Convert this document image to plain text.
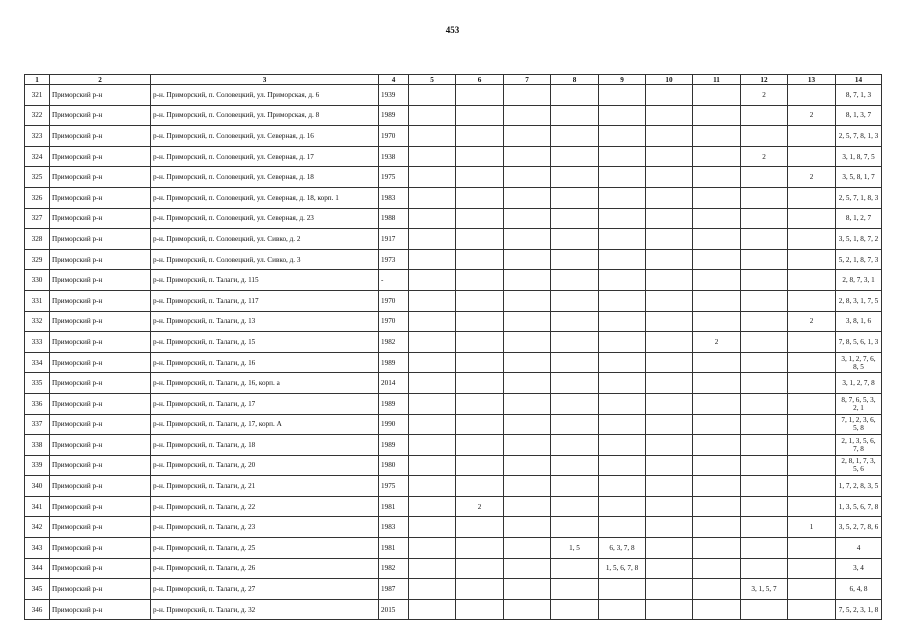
453
1	2	3	4	5	6	7	8	9	10	11	12	13	14
321	Приморский р-н	р-н. Приморский, п. Соловецкий, ул. Приморская, д. 6	1939								2		8, 7, 1, 3
322	Приморский р-н	р-н. Приморский, п. Соловецкий, ул. Приморская, д. 8	1989									2	8, 1, 3, 7
323	Приморский р-н	р-н. Приморский, п. Соловецкий, ул. Северная, д. 16	1970										2, 5, 7, 8, 1, 3
324	Приморский р-н	р-н. Приморский, п. Соловецкий, ул. Северная, д. 17	1938								2		3, 1, 8, 7, 5
325	Приморский р-н	р-н. Приморский, п. Соловецкий, ул. Северная, д. 18	1975									2	3, 5, 8, 1, 7
326	Приморский р-н	р-н. Приморский, п. Соловецкий, ул. Северная, д. 18, корп. 1	1983										2, 5, 7, 1, 8, 3
327	Приморский р-н	р-н. Приморский, п. Соловецкий, ул. Северная, д. 23	1988										8, 1, 2, 7
328	Приморский р-н	р-н. Приморский, п. Соловецкий, ул. Сивко, д. 2	1917										3, 5, 1, 8, 7, 2
329	Приморский р-н	р-н. Приморский, п. Соловецкий, ул. Сивко, д. 3	1973										5, 2, 1, 8, 7, 3
330	Приморский р-н	р-н. Приморский, п. Талаги, д. 115	-										2, 8, 7, 3, 1
331	Приморский р-н	р-н. Приморский, п. Талаги, д. 117	1970										2, 8, 3, 1, 7, 5
332	Приморский р-н	р-н. Приморский, п. Талаги, д. 13	1970									2	3, 8, 1, 6
333	Приморский р-н	р-н. Приморский, п. Талаги, д. 15	1982							2			7, 8, 5, 6, 1, 3
334	Приморский р-н	р-н. Приморский, п. Талаги, д. 16	1989										3, 1, 2, 7, 6, 8, 5
335	Приморский р-н	р-н. Приморский, п. Талаги, д. 16, корп. а	2014										3, 1, 2, 7, 8
336	Приморский р-н	р-н. Приморский, п. Талаги, д. 17	1989										8, 7, 6, 5, 3, 2, 1
337	Приморский р-н	р-н. Приморский, п. Талаги, д. 17, корп. А	1990										7, 1, 2, 3, 6, 5, 8
338	Приморский р-н	р-н. Приморский, п. Талаги, д. 18	1989										2, 1, 3, 5, 6, 7, 8
339	Приморский р-н	р-н. Приморский, п. Талаги, д. 20	1980										2, 8, 1, 7, 3, 5, 6
340	Приморский р-н	р-н. Приморский, п. Талаги, д. 21	1975										1, 7, 2, 8, 3, 5
341	Приморский р-н	р-н. Приморский, п. Талаги, д. 22	1981		2								1, 3, 5, 6, 7, 8
342	Приморский р-н	р-н. Приморский, п. Талаги, д. 23	1983									1	3, 5, 2, 7, 8, 6
343	Приморский р-н	р-н. Приморский, п. Талаги, д. 25	1981				1, 5	6, 3, 7, 8					4
344	Приморский р-н	р-н. Приморский, п. Талаги, д. 26	1982					1, 5, 6, 7, 8					3, 4
345	Приморский р-н	р-н. Приморский, п. Талаги, д. 27	1987								3, 1, 5, 7		6, 4, 8
346	Приморский р-н	р-н. Приморский, п. Талаги, д. 32	2015										7, 5, 2, 3, 1, 8
